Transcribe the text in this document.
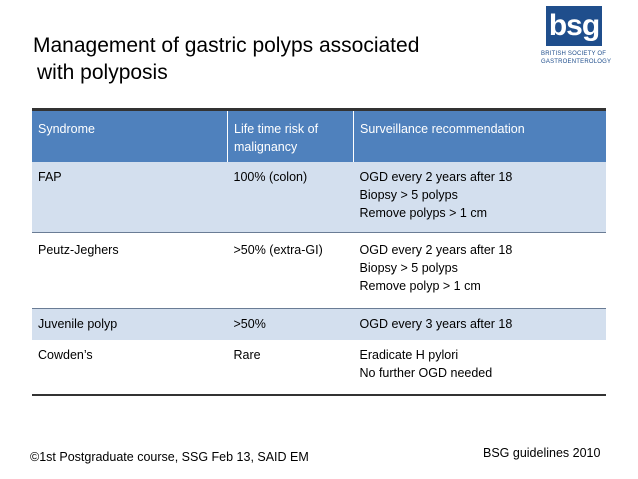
Management of gastric polyps associated
with polyposis
bsg
BRITISH SOCIETY OF
GASTROENTEROLOGY
Syndrome	Life time risk of malignancy	Surveillance recommendation
FAP	100% (colon)	OGD every 2 years after 18
Biopsy > 5 polyps
Remove polyps > 1 cm

Peutz-Jeghers	>50% (extra-GI)	OGD every 2 years after 18
Biopsy > 5 polyps
Remove polyp > 1 cm

Juvenile polyp	>50%	OGD every 3 years after 18

Cowden’s	Rare	Eradicate H pylori
No further OGD needed
©1st Postgraduate course, SSG Feb 13, SAID EM	BSG guidelines 2010
